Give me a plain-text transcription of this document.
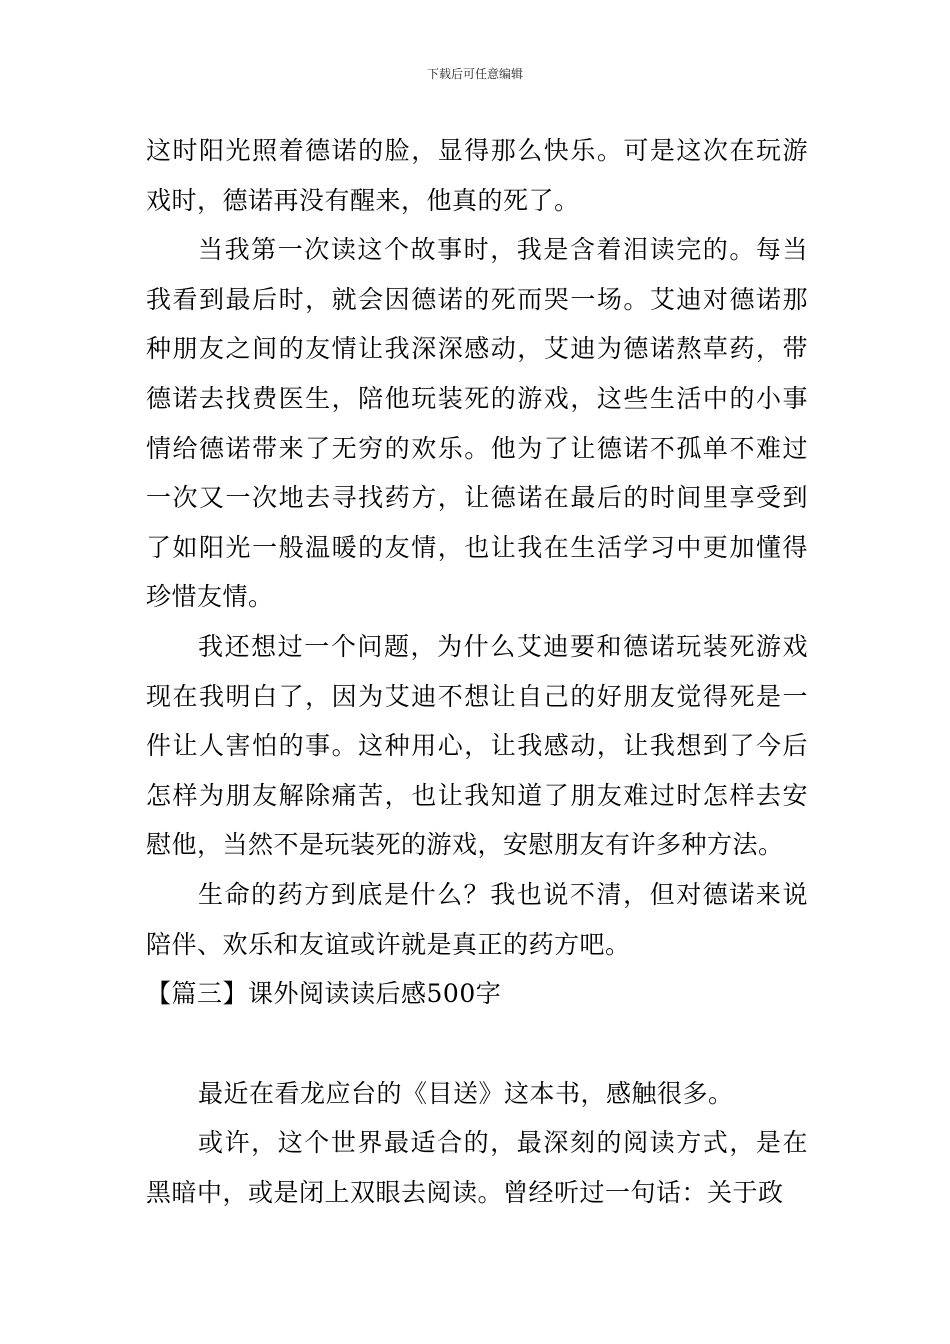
下载后可任意编辑

这时阳光照着德诺的脸，显得那么快乐。可是这次在玩游戏时，德诺再没有醒来，他真的死了。

当我第一次读这个故事时，我是含着泪读完的。每当我看到最后时，就会因德诺的死而哭一场。艾迪对德诺那种朋友之间的友情让我深深感动，艾迪为德诺熬草药，带德诺去找费医生，陪他玩装死的游戏，这些生活中的小事情给德诺带来了无穷的欢乐。他为了让德诺不孤单不难过一次又一次地去寻找药方，让德诺在最后的时间里享受到了如阳光一般温暖的友情，也让我在生活学习中更加懂得珍惜友情。

我还想过一个问题，为什么艾迪要和德诺玩装死游戏现在我明白了，因为艾迪不想让自己的好朋友觉得死是一件让人害怕的事。这种用心，让我感动，让我想到了今后怎样为朋友解除痛苦，也让我知道了朋友难过时怎样去安慰他，当然不是玩装死的游戏，安慰朋友有许多种方法。

生命的药方到底是什么？我也说不清，但对德诺来说陪伴、欢乐和友谊或许就是真正的药方吧。

【篇三】课外阅读读后感500字

最近在看龙应台的《目送》这本书，感触很多。

或许，这个世界最适合的，最深刻的阅读方式，是在黑暗中，或是闭上双眼去阅读。曾经听过一句话：关于政
